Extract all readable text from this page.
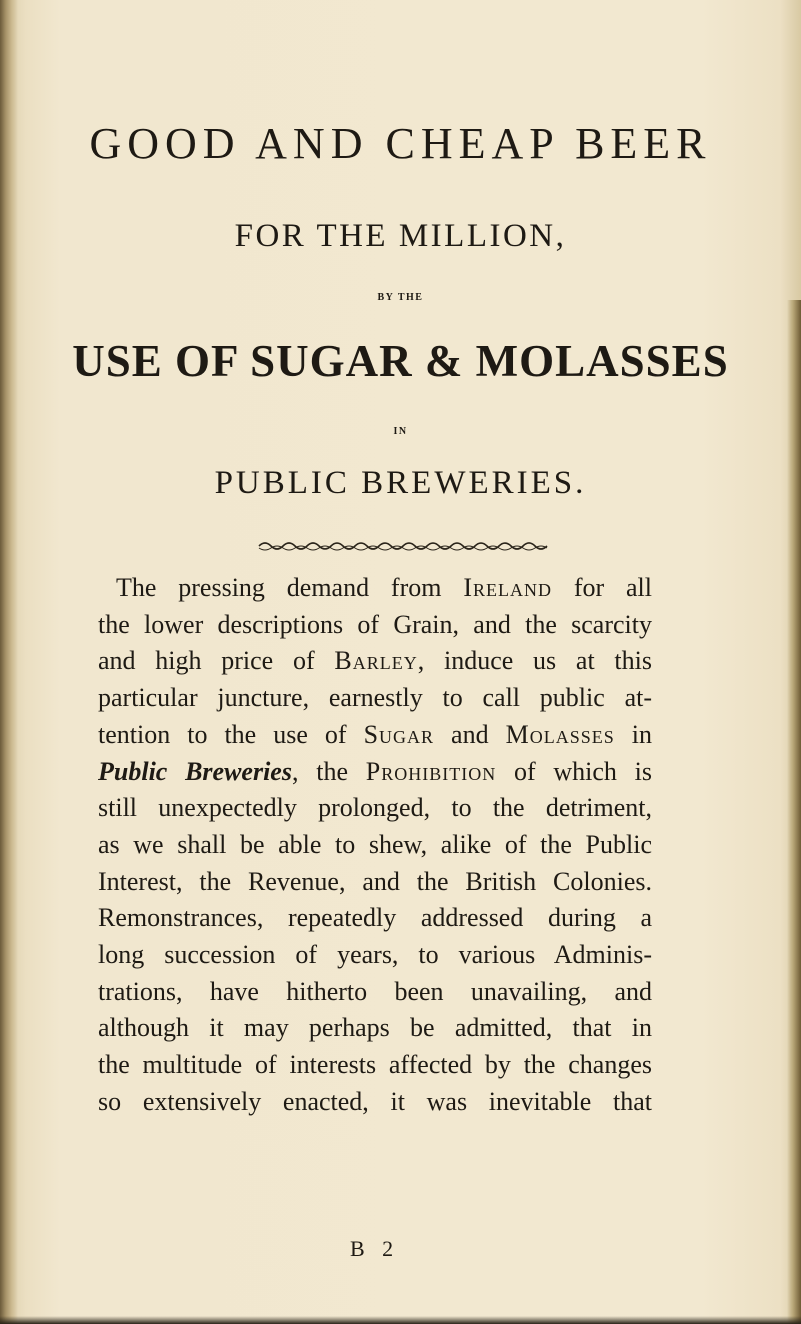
GOOD AND CHEAP BEER
FOR THE MILLION,
BY THE
USE OF SUGAR & MOLASSES
IN
PUBLIC BREWERIES.
The pressing demand from Ireland for all
the lower descriptions of Grain, and the scarcity
and high price of Barley, induce us at this
particular juncture, earnestly to call public at-
tention to the use of Sugar and Molasses in
Public Breweries, the Prohibition of which is
still unexpectedly prolonged, to the detriment,
as we shall be able to shew, alike of the Public
Interest, the Revenue, and the British Colonies.
Remonstrances, repeatedly addressed during a
long succession of years, to various Adminis-
trations, have hitherto been unavailing, and
although it may perhaps be admitted, that in
the multitude of interests affected by the changes
so extensively enacted, it was inevitable that
B 2
